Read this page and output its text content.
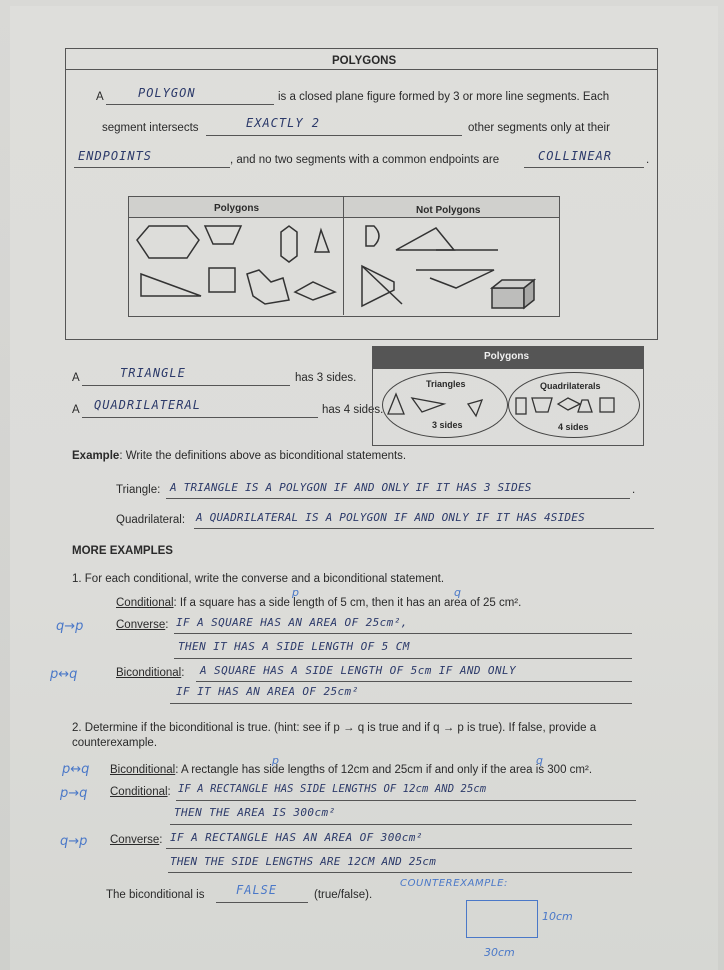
POLYGONS
A	POLYGON	is a closed plane figure formed by 3 or more line segments. Each
segment intersects	EXACTLY 2	other segments only at their
ENDPOINTS	, and no two segments with a common endpoints are	COLLINEAR	.
Polygons	Not Polygons
A	TRIANGLE	has 3 sides.
A QUADRILATERAL	has 4 sides.
Polygons
Triangles	Quadrilaterals
3 sides	4 sides
Example: Write the definitions above as biconditional statements.
Triangle: A TRIANGLE IS A POLYGON IF AND ONLY IF IT HAS 3 SIDES	.
Quadrilateral: A QUADRILATERAL IS A POLYGON IF AND ONLY IF IT HAS 4SIDES
MORE EXAMPLES
1. For each conditional, write the converse and a biconditional statement.
Conditional: If a square has a side length of 5 cm, then it has an area of 25 cm².
p	q
q→p	Converse: IF A SQUARE HAS AN AREA OF 25cm²,
THEN IT HAS A SIDE LENGTH OF 5 CM
p↔q	Biconditional: A SQUARE HAS A SIDE LENGTH OF 5cm IF AND ONLY
IF IT HAS AN AREA OF 25cm²
2. Determine if the biconditional is true. (hint: see if p → q is true and if q → p is true). If false, provide a
counterexample.
p↔q Biconditional: A rectangle has side lengths of 12cm and 25cm if and only if the area is 300 cm².
p	q
p→q Conditional: IF A RECTANGLE HAS SIDE LENGTHS OF 12cm AND 25cm
THEN THE AREA IS 300cm²
q→p Converse: IF A RECTANGLE HAS AN AREA OF 300cm²
THEN THE SIDE LENGTHS ARE 12CM AND 25cm
The biconditional is	FALSE	(true/false).
COUNTEREXAMPLE:
10cm
30cm
